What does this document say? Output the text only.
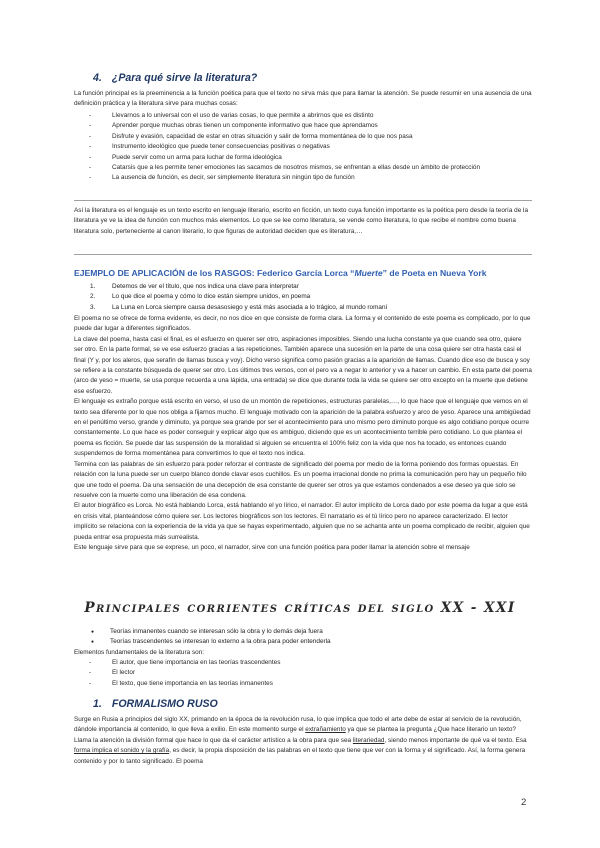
4. ¿Para qué sirve la literatura?

La función principal es la preeminencia a la función poética para que el texto no sirva más que para llamar la atención. Se puede resumir en una ausencia de una definición práctica y la literatura sirve para muchas cosas:

- Llevarnos a lo universal con el uso de varias cosas, lo que permite a abrirnos que es distinto
- Aprender porque muchas obras tienen un componente informativo que hace que aprendamos
- Disfrute y evasión, capacidad de estar en otras situación y salir de forma momentánea de lo que nos pasa
- Instrumento ideológico que puede tener consecuencias positivas o negativas
- Puede servir como un arma para luchar de forma ideológica
- Catarsis que a les permite tener emociones las sacamos de nosotros mismos, se enfrentan a ellas desde un ámbito de protección
- La ausencia de función, es decir, ser simplemente literatura sin ningún tipo de función

Así la literatura es el lenguaje es un texto escrito en lenguaje literario, escrito en ficción, un texto cuya función importante es la poética pero desde la teoría de la literatura ye ve la idea de función con muchos más elementos. Lo que se lee como literatura, se vende como literatura, lo que recibe el nombre como buena literatura solo, perteneciente al canon literario, lo que figuras de autoridad deciden que es literatura,…

EJEMPLO DE APLICACIÓN de los RASGOS: Federico García Lorca “Muerte” de Poeta en Nueva York

1.	Detemos de ver el título, que nos indica una clave para interpretar
2.	Lo que dice el poema y cómo lo dice están siempre unidos, en poema
3.	La Luna en Lorca siempre causa desasosiego y está más asociada a lo trágico, al mundo romaní

El poema no se ofrece de forma evidente, es decir, no nos dice en que consiste de forma clara. La forma y el contenido de este poema es complicado, por lo que puede dar lugar a diferentes significados.

La clave del poema, hasta casi el final, es el esfuerzo en querer ser otro, aspiraciones imposibles. Siendo una lucha constante ya que cuando sea otro, quiere ser otro. En la parte formal, se ve ese esfuerzo gracias a las repeticiones. También aparece una sucesión en la parte de una cosa quiere ser otra hasta casi el final (Y y, por los aleros, que serafín de llamas busca y voy). Dicho verso significa como pasión gracias a la aparición de llamas. Cuando dice eso de busca y soy se refiere a la constante búsqueda de querer ser otro. Los últimos tres versos, con el pero va a negar lo anterior y va a hacer un cambio. En esta parte del poema (arco de yeso = muerte, se usa porque recuerda a una lápida, una entrada) se dice que durante toda la vida se quiere ser otro excepto en la muerte que detiene ese esfuerzo.

El lenguaje es extraño porque está escrito en verso, el uso de un montón de repeticiones, estructuras paralelas,…, lo que hace que el lenguaje que vemos en el texto sea diferente por lo que nos obliga a fijarnos mucho. El lenguaje motivado con la aparición de la palabra esfuerzo y arco de yeso. Aparece una ambigüedad en el penúltimo verso, grande y diminuto, ya porque sea grande por ser el acontecimiento para uno mismo pero diminuto porque es algo cotidiano porque ocurre constantemente. Lo que hace es poder conseguir y explicar algo que es ambiguo, diciendo que es un acontecimiento terrible pero cotidiano. Lo que plantea el poema es ficción. Se puede dar las suspensión de la moralidad si alguien se encuentra el 100% feliz con la vida que nos ha tocado, es entonces cuando suspendemos de forma momentánea para convertirnos lo que el texto nos indica.

Termina con las palabras de sin esfuerzo para poder reforzar el contraste de significado del poema por medio de la forma poniendo dos formas opuestas. En relación con la luna puede ser un cuerpo blanco donde clavar esos cuchillos. Es un poema irracional donde no prima la comunicación pero hay un pequeño hilo que une todo el poema. Da una sensación de una decepción de esa constante de querer ser otros ya que estamos condenados a ese deseo ya que solo se resuelve con la muerte como una liberación de esa condena.

El autor biográfico es Lorca. No está hablando Lorca, está hablando el yo lírico, el narrador. El autor implícito de Lorca dado por este poema da lugar a que está en crisis vital, planteándose cómo quiere ser. Los lectores biográficos son los lectores. El narratario es el tú lírico pero no aparece caracterizado. El lector implícito se relaciona con la experiencia de la vida ya que se hayas experimentado, alguien que no se achanta ante un poema complicado de recibir, alguien que pueda entrar esa propuesta más surrealista.

Este lenguaje sirve para que se exprese, un poco, el narrador, sirve con una función poética para poder llamar la atención sobre el mensaje

Principales corrientes críticas del siglo XX - XXI
● Teorías inmanentes cuando se interesan sólo la obra y lo demás deja fuera
● Teorías trascendentes se interesan lo externo a la obra para poder entenderla

Elementos fundamentales de la literatura son:

- El autor, que tiene importancia en las teorías trascendentes
- El lector
- El texto, que tiene importancia en las teorías inmanentes
1. FORMALISMO RUSO

Surge en Rusia a principios del siglo XX, primando en la época de la revolución rusa, lo que implica que todo el arte debe de estar al servicio de la revolución, dándole importancia al contenido, lo que lleva a exilio. En este momento surge el extrañamiento ya que se plantea la pregunta ¿Que hace literario un texto? Llama la atención la división formal que hace lo que da el carácter artístico a la obra para que sea literariedad, siendo menos importante de qué va el texto. Esa forma implica el sonido y la grafía, es decir, la propia disposición de las palabras en el texto que tiene que ver con la forma y el significado. Así, la forma genera contenido y por lo tanto significado. El poema

2
